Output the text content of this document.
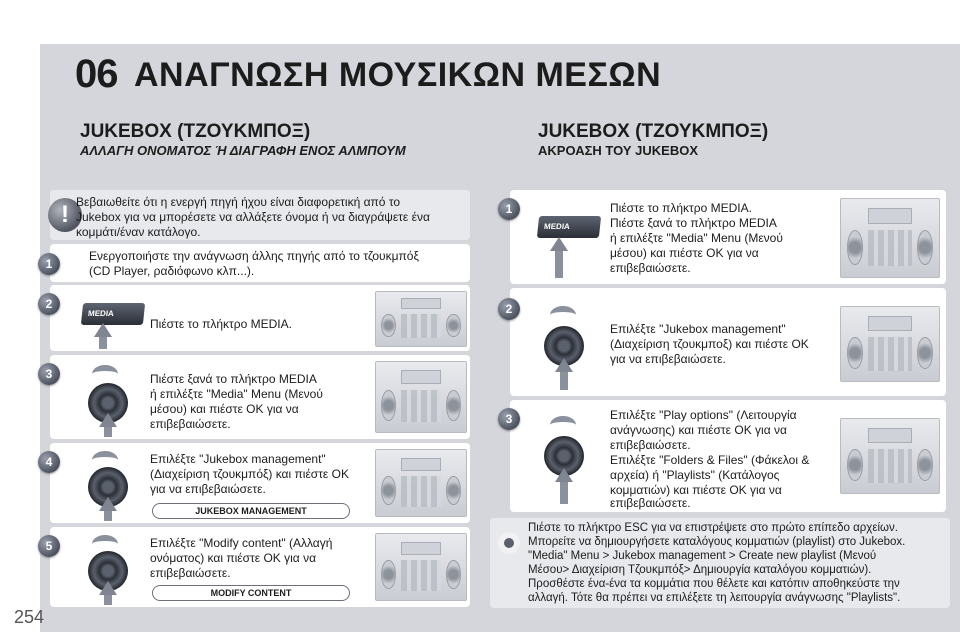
06 ΑΝΑΓΝΩΣΗ ΜΟΥΣΙΚΩΝ ΜΕΣΩΝ
JUKEBOX (ΤΖΟΥΚΜΠΟΞ)
ΑΛΛΑΓΗ ΟΝΟΜΑΤΟΣ Ή ΔΙΑΓΡΑΦΗ ΕΝΟΣ ΑΛΜΠΟΥΜ
! Βεβαιωθείτε ότι η ενεργή πηγή ήχου είναι διαφορετική από το
Jukebox για να μπορέσετε να αλλάξετε όνομα ή να διαγράψετε ένα
κομμάτι/έναν κατάλογο.
1
Ενεργοποιήστε την ανάγνωση άλλης πηγής από το τζουκμπόξ
(CD Player, ραδιόφωνο κλπ...).
2
MEDIA
Πιέστε το πλήκτρο MEDIA.
3	Πιέστε ξανά το πλήκτρο MEDIA
ή επιλέξτε "Media" Menu (Μενού
μέσου) και πιέστε OK για να
επιβεβαιώσετε.
4	Επιλέξτε "Jukebox management"
(Διαχείριση τζουκμπόξ) και πιέστε OK
για να επιβεβαιώσετε.
JUKEBOX MANAGEMENT
5	Επιλέξτε "Modify content" (Αλλαγή
ονόματος) και πιέστε OK για να
επιβεβαιώσετε.
MODIFY CONTENT
JUKEBOX (ΤΖΟΥΚΜΠΟΞ)
ΑΚΡΟΑΣΗ ΤΟΥ JUKEBOX
1
MEDIA
Πιέστε το πλήκτρο MEDIA.
Πιέστε ξανά το πλήκτρο MEDIA
ή επιλέξτε "Media" Menu (Μενού
μέσου) και πιέστε OK για να
επιβεβαιώσετε.
2
Επιλέξτε "Jukebox management"
(Διαχείριση τζουκμποξ) και πιέστε OK
για να επιβεβαιώσετε.
3	Επιλέξτε "Play options" (Λειτουργία
ανάγνωσης) και πιέστε OK για να
επιβεβαιώσετε.
Επιλέξτε "Folders & Files" (Φάκελοι &
αρχεία) ή "Playlists" (Κατάλογος
κομματιών) και πιέστε OK για να
επιβεβαιώσετε.
Πιέστε το πλήκτρο ESC για να επιστρέψετε στο πρώτο επίπεδο αρχείων.
Μπορείτε να δημιουργήσετε καταλόγους κομματιών (playlist) στο Jukebox.
"Media" Menu > Jukebox management > Create new playlist (Μενού
Μέσου> Διαχείριση Τζουκμπόξ> Δημιουργία καταλόγου κομματιών).
Προσθέστε ένα-ένα τα κομμάτια που θέλετε και κατόπιν αποθηκεύστε την
αλλαγή. Τότε θα πρέπει να επιλέξετε τη λειτουργία ανάγνωσης "Playlists".
254
